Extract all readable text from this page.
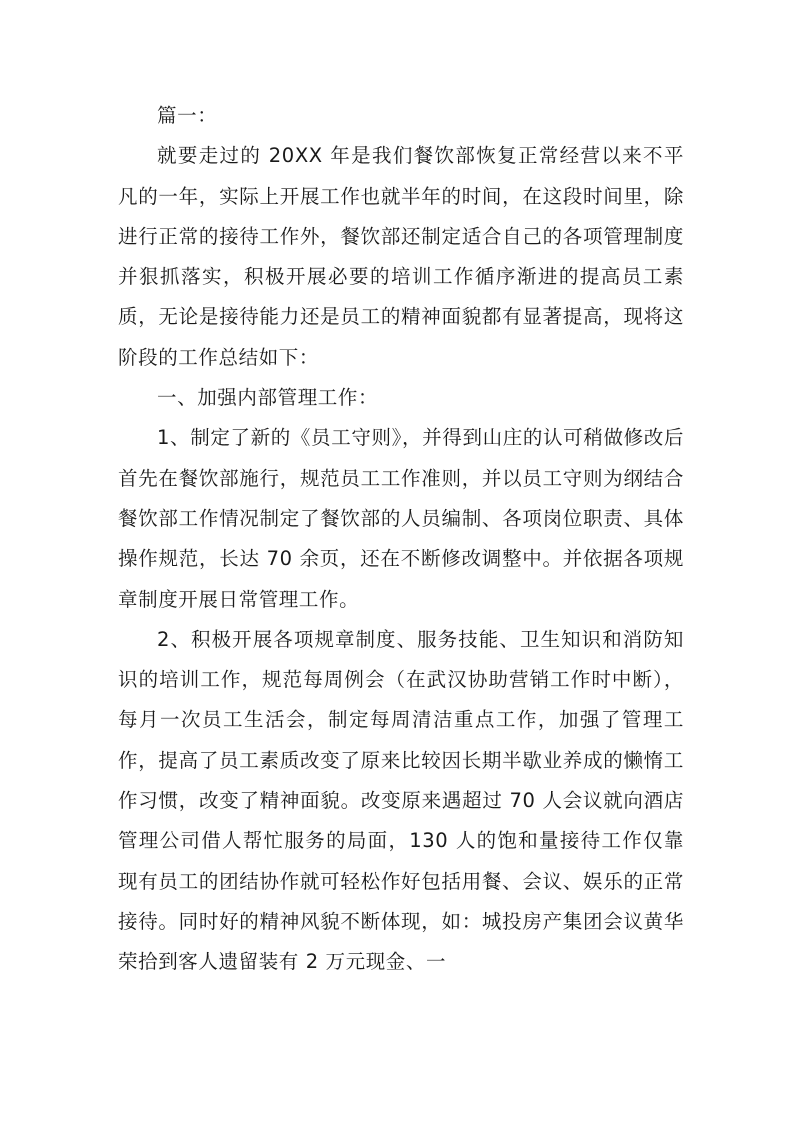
篇一：

就要走过的 20XX 年是我们餐饮部恢复正常经营以来不平凡的一年，实际上开展工作也就半年的时间，在这段时间里，除进行正常的接待工作外，餐饮部还制定适合自己的各项管理制度并狠抓落实，积极开展必要的培训工作循序渐进的提高员工素质，无论是接待能力还是员工的精神面貌都有显著提高，现将这阶段的工作总结如下：

一、加强内部管理工作：

1、制定了新的《员工守则》，并得到山庄的认可稍做修改后首先在餐饮部施行，规范员工工作准则，并以员工守则为纲结合餐饮部工作情况制定了餐饮部的人员编制、各项岗位职责、具体操作规范，长达 70 余页，还在不断修改调整中。并依据各项规章制度开展日常管理工作。

2、积极开展各项规章制度、服务技能、卫生知识和消防知识的培训工作，规范每周例会（在武汉协助营销工作时中断），每月一次员工生活会，制定每周清洁重点工作，加强了管理工作，提高了员工素质改变了原来比较因长期半歇业养成的懒惰工作习惯，改变了精神面貌。改变原来遇超过 70 人会议就向酒店管理公司借人帮忙服务的局面，130 人的饱和量接待工作仅靠现有员工的团结协作就可轻松作好包括用餐、会议、娱乐的正常接待。同时好的精神风貌不断体现，如：城投房产集团会议黄华荣拾到客人遗留装有 2 万元现金、一
